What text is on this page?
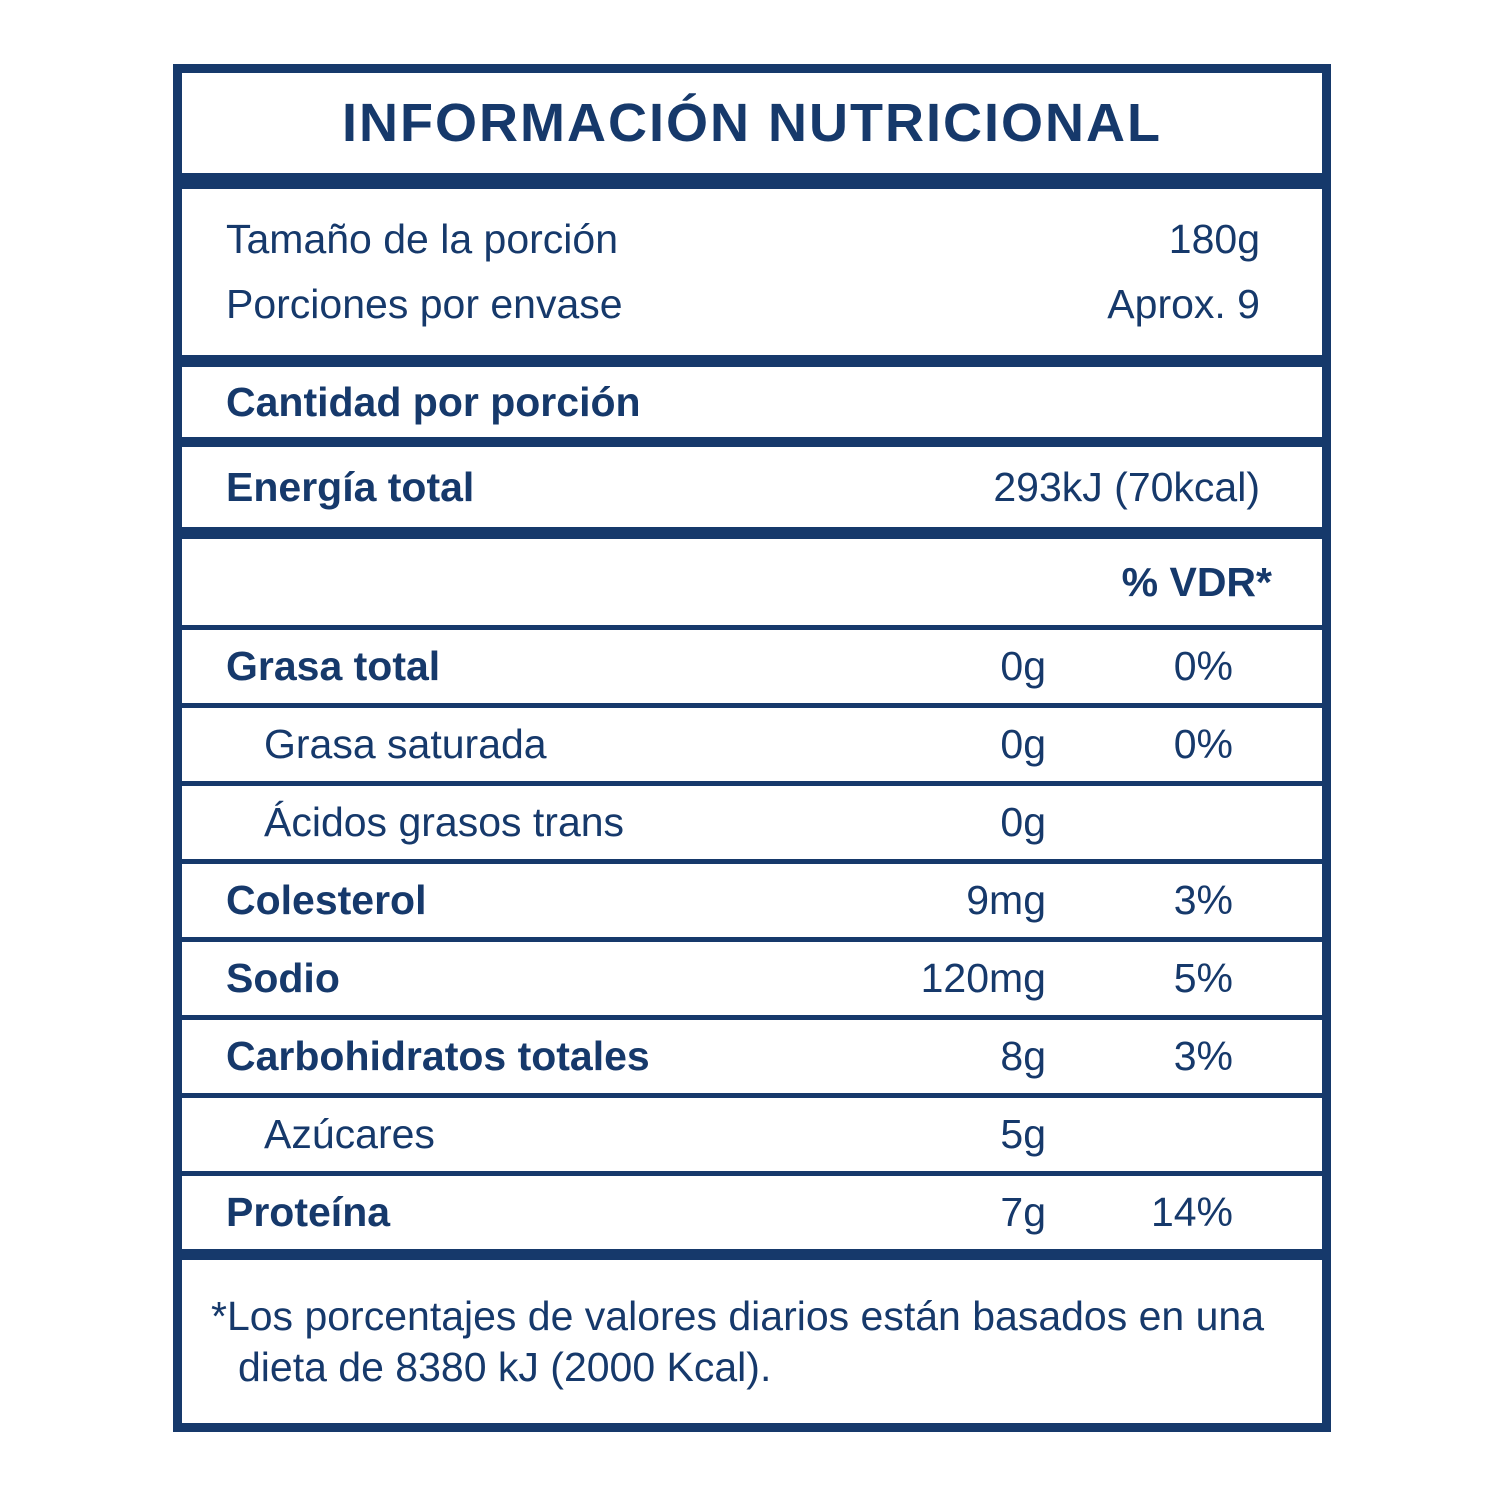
INFORMACIÓN NUTRICIONAL
Tamaño de la porción	180g
Porciones por envase	Aprox. 9
Cantidad por porción
Energía total	293kJ (70kcal)
% VDR*
Grasa total	0g	0%
Grasa saturada	0g	0%
Ácidos grasos trans	0g
Colesterol	9mg	3%
Sodio	120mg	5%
Carbohidratos totales	8g	3%
Azúcares	5g
Proteína	7g	14%
*Los porcentajes de valores diarios están basados en una
dieta de 8380 kJ (2000 Kcal).
